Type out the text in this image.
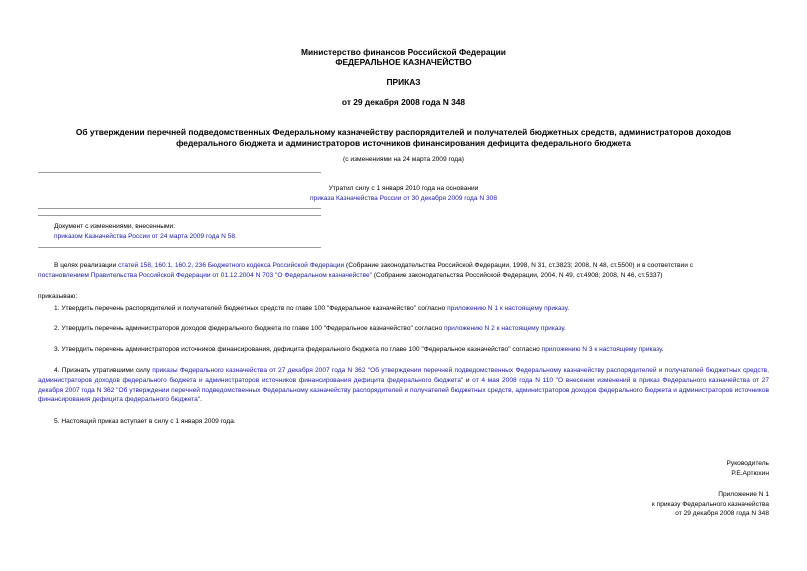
Министерство финансов Российской Федерации
ФЕДЕРАЛЬНОЕ КАЗНАЧЕЙСТВО
ПРИКАЗ
от 29 декабря 2008 года N 348
Об утверждении перечней подведомственных Федеральному казначейству распорядителей и получателей бюджетных средств, администраторов доходов
федерального бюджета и администраторов источников финансирования дефицита федерального бюджета
(с изменениями на 24 марта 2009 года)
Утратил силу с 1 января 2010 года на основании
приказа Казначейства России от 30 декабря 2009 года N 308
Документ с изменениями, внесенными:
приказом Казначейства России от 24 марта 2009 года N 58.
В целях реализации статей 158, 160.1, 160.2, 236 Бюджетного кодекса Российской Федерации (Собрание законодательства Российской Федерации, 1998, N 31, ст.3823; 2008, N 48, ст.5500) и в соответствии с
постановлением Правительства Российской Федерации от 01.12.2004 N 703 "О Федеральном казначействе" (Собрание законодательства Российской Федерации, 2004, N 49, ст.4908; 2008, N 46, ст.5337)
приказываю:
1. Утвердить перечень распорядителей и получателей бюджетных средств по главе 100 "Федеральное казначейство" согласно приложению N 1 к настоящему приказу.
2. Утвердить перечень администраторов доходов федерального бюджета по главе 100 "Федеральное казначейство" согласно приложению N 2 к настоящему приказу.
3. Утвердить перечень администраторов источников финансирования, дефицита федерального бюджета по главе 100 "Федеральное казначейство" согласно приложению N 3 к настоящему приказу.
4. Признать утратившими силу приказы Федерального казначейства от 27 декабря 2007 года N 362 "Об утверждении перечней подведомственных Федеральному казначейству распорядителей и получателей бюджетных средств, администраторов доходов федерального бюджета и администраторов источников финансирования дефицита федерального бюджета" и от 4 мая 2008 года N 110 "О внесении изменений в приказ Федерального казначейства от 27 декабря 2007 года N 362 "Об утверждении перечней подведомственных Федеральному казначейству распорядителей и получателей бюджетных средств, администраторов доходов федерального бюджета и администраторов источников финансирования дефицита федерального бюджета".
5. Настоящий приказ вступает в силу с 1 января 2009 года.
Руководитель
Р.Е.Артюхин
Приложение N 1
к приказу Федерального казначейства
от 29 декабря 2008 года N 348
